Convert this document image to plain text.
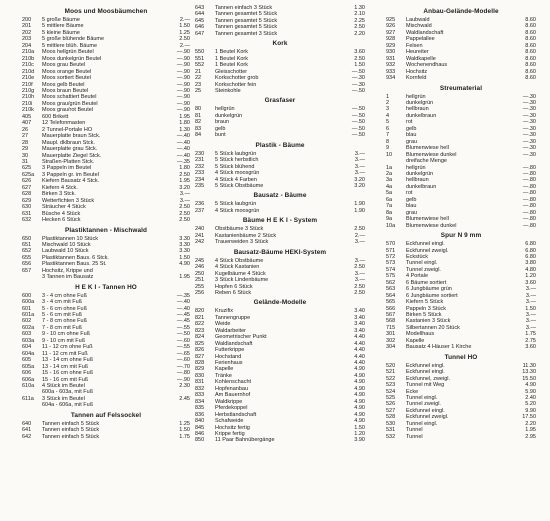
Moos und Moosbäumchen
200	5 große Bäume	2.—
201	5 mittlere Bäume	1.50
202	5 kleine Bäume	1.25
203	5 große blühende Bäume	2.50
204	5 mittlere blüh. Bäume	2.—
210a	Moos hellgrün Beutel	—.90
210b	Moos dunkelgrün Beutel	—.90
210c	Moos grau Beutel	—.90
210d	Moos orange Beutel	—.90
210e	Moos sortiert Beutel	—.90
210f	Moos gelb Beutel	—.90
210g	Moos braun Beutel	—.90
210h	Moos schattiert Beutel	—.90
210i	Moos grau/grün Beutel	—.90
210k	Moos grau/rot Beutel	—.90
405	600 Brikett	1.95
407	12 Telefonmasten	1.80
26	2 Tunnel-Portale HO	1.30
27	Mauerplatte braun Stck.	—.40
28	Maupl. dklbraun Stck.	—.40
29	Mauerplatte grau Stck.	—.40
30	Mauerplatte Ziegel Stck.	—.40
31	Straßen-Platten Stck.	—.35
625	3 Pappeln im Beutel	1.80
625a	3 Pappeln gr. im Beutel	2.50
626	Kiefern Bausatz 4 Stck.	1.95
627	Kiefern 4 Stck.	3.20
628	Birken 3 Stck.	3.—
629	Wetterfichten 3 Stück	3.—
630	Sträucher 4 Stück	2.50
631	Büsche 4 Stück	2.50
632	Hecken 6 Stück	2.50
Plastiktannen - Mischwald
650	Plastiktannen 10 Stück	3.30
651	Mischwald 10 Stück	3.30
652	Laubwald 10 Stück	3.30
655	Plastiktannen Baus. 6 Stck.	1.50
656	Plastiktannen Baus. 25 St.	4.90
657	Hochsitz, Krippe und
3 Tannen im Bausatz	1.95
H E K I - Tannen HO
600	3 - 4 cm ohne Fuß	—.35
600a	3 - 4 cm mit Fuß	—.40
601	5 - 6 cm ohne Fuß	—.40
601a	5 - 6 cm mit Fuß	—.45
602	7 - 8 cm ohne Fuß	—.45
602a	7 - 8 cm mit Fuß	—.55
603	9 - 10 cm ohne Fuß	—.50
603a	9 - 10 cm mit Fuß	—.60
604	11 - 12 cm ohne Fuß	—.55
604a	11 - 12 cm mit Fuß	—.65
605	13 - 14 cm ohne Fuß	—.60
605a	13 - 14 cm mit Fuß	—.70
606	15 - 16 cm ohne Fuß	—.80
606a	15 - 16 cm mit Fuß	—.90
610a	4 Stück im Beutel	2.30
600a - 603a, mit Fuß
611a	3 Stück im Beutel	2.45
604a - 606a, mit Fuß
Tannen auf Felssockel
640	Tannen einfach 5 Stück	1.25
641	Tannen einfach 5 Stück	1.50
642	Tannen einfach 5 Stück	1.75
643	Tannen einfach 3 Stück	1.30
644	Tannen gesamtet 5 Stück	2.10
645	Tannen gesamtet 5 Stück	2.25
646	Tannen gesamtet 5 Stück	2.50
647	Tannen gesamtet 3 Stück	2.20
Kork
550	1 Beutel Kork	3.60
551	1 Beutel Kork	2.50
552	1 Beutel Kork	1.50
21	Gleisschotter	—.50
22	Korkschotter grob	—.30
23	Korkschotter fein	—.30
25	Steinkohle	—.50
Grasfaser
80	hellgrün	—.50
81	dunkelgrün	—.50
82	braun	—.50
83	gelb	—.50
84	bunt	—.50
Plastik - Bäume
230	5 Stück laubgrün	3.—
231	5 Stück herbstlich	3.—
232	5 Stück blühend	3.—
233	4 Stück moosgrün	3.—
234	4 Stück 4 Farben	3.20
235	5 Stück Obstbäume	3.20
Bausatz - Bäume
236	5 Stück laubgrün	1.90
237	4 Stück moosgrün	1.90
Bäume H E K I - System
240	Obstbäume 3 Stück	2.50
241	Kastanienbäume 2 Stück	2.—
242	Trauerweiden 3 Stück	3.—
Bausatz-Bäume HEKI-System
245	4 Stück Obstbäume	3.—
246	4 Stück Kastanien	2.50
250	Kugelbäume 4 Stück	3.—
251	3 Stück Lindenbäume	3.—
255	Hopfen 6 Stück	2.50
256	Reben 6 Stück	2.50
Gelände-Modelle
820	Kruzifix	3.40
821	Tannengruppe	3.40
822	Weide	3.40
823	Waldarbeiter	3.40
824	Geometrischer Punkt	4.40
825	Waldlandschaft	4.40
826	Futterkrippe	4.40
827	Hochstand	4.40
828	Ferienhaus	4.40
829	Kapelle	4.90
830	Tränke	4.90
831	Kohlenschacht	4.90
832	Hopfenanbau	4.90
833	Am Bauernhof	4.90
834	Waldkrippe	4.90
835	Pferdekoppel	4.90
836	Herbstlandschaft	4.90
840	Schafweide	4.90
845	Hochsitz fertig	1.50
846	Krippe fertig	1.20
850	11 Paar Bahnübergänge	3.90
Anbau-Gelände-Modelle
925	Laubwald	8.60
926	Mischwald	8.60
927	Waldlandschaft	8.60
928	Pappelallee	8.60
929	Felsen	8.60
930	Heureiter	8.60
931	Waldkapelle	8.60
932	Wochenendhaus	8.60
933	Hochsitz	8.60
934	Kornfeld	8.60
Streumaterial
1	hellgrün	—.30
2	dunkelgrün	—.30
3	hellbraun	—.30
4	dunkelbraun	—.30
5	rot	—.30
6	gelb	—.30
7	blau	—.30
8	grau	—.30
9	Blumenwiese hell	—.30
10	Blumenwiese dunkel	—.30
dreifache Menge
1a	hellgrün	—.80
2a	dunkelgrün	—.80
3a	hellbraun	—.80
4a	dunkelbraun	—.80
5a	rot	—.80
6a	gelb	—.80
7a	blau	—.80
8a	grau	—.80
9a	Blumenwiese hell	—.80
10a	Blumenwiese dunkel	—.80
Spur N 9 mm
570	Eckfunnel eingl.	6.80
571	Eckfunnel zweigl.	6.80
572	Eckstück	6.80
573	Tunnel eingl.	3.80
574	Tunnel zweigl.	4.80
575	4 Portale	1.20
562	6 Bäume sortiert	3.60
563	6 Jungbäume grün	3.—
564	6 Jungbäume sortiert	3.—
565	Kiefern 5 Stück	3.—
566	Pappeln 3 Stück	1.50
567	Birken 5 Stück	3.—
568	Kastanien 3 Stück	3.—
715	Silbertannen 20 Stück	3.—
301	Modellhaus	1.75
302	Kapelle	2.75
304	Bausatz 4 Häuser 1 Kirche	3.60
Tunnel HO
520	Eckfunnel eingl.	11.30
521	Eckfunnel eingl.	13.30
522	Eckfunnel, zweigl.	15.50
523	Tunnel mit Weg	4.90
524	Ecke	5.90
525	Tunnel eingl.	2.40
526	Tunnel zweigl.	5.20
527	Eckfunnel eingl.	9.90
528	Eckfunnel zweigl.	17.50
530	Tunnel eingl.	2.20
531	Tunnel	1.95
532	Tunnel	2.95
